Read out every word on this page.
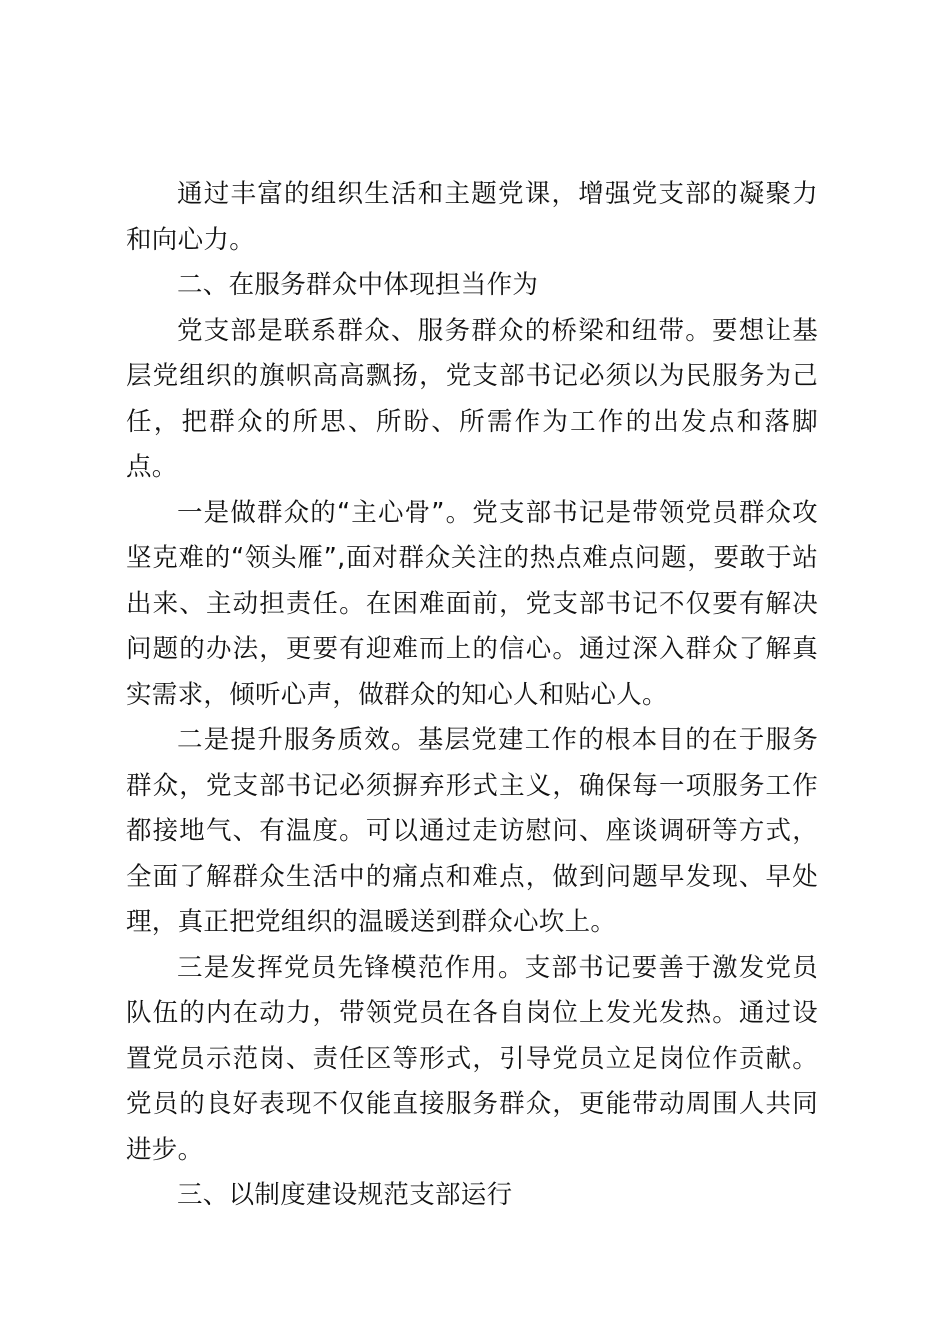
通过丰富的组织生活和主题党课，增强党支部的凝聚力和向心力。

二、在服务群众中体现担当作为

党支部是联系群众、服务群众的桥梁和纽带。要想让基层党组织的旗帜高高飘扬，党支部书记必须以为民服务为己任，把群众的所思、所盼、所需作为工作的出发点和落脚点。

一是做群众的“主心骨”。党支部书记是带领党员群众攻坚克难的“领头雁”,面对群众关注的热点难点问题，要敢于站出来、主动担责任。在困难面前，党支部书记不仅要有解决问题的办法，更要有迎难而上的信心。通过深入群众了解真实需求，倾听心声，做群众的知心人和贴心人。

二是提升服务质效。基层党建工作的根本目的在于服务群众，党支部书记必须摒弃形式主义，确保每一项服务工作都接地气、有温度。可以通过走访慰问、座谈调研等方式，全面了解群众生活中的痛点和难点，做到问题早发现、早处理，真正把党组织的温暖送到群众心坎上。

三是发挥党员先锋模范作用。支部书记要善于激发党员队伍的内在动力，带领党员在各自岗位上发光发热。通过设置党员示范岗、责任区等形式，引导党员立足岗位作贡献。党员的良好表现不仅能直接服务群众，更能带动周围人共同进步。

三、以制度建设规范支部运行
